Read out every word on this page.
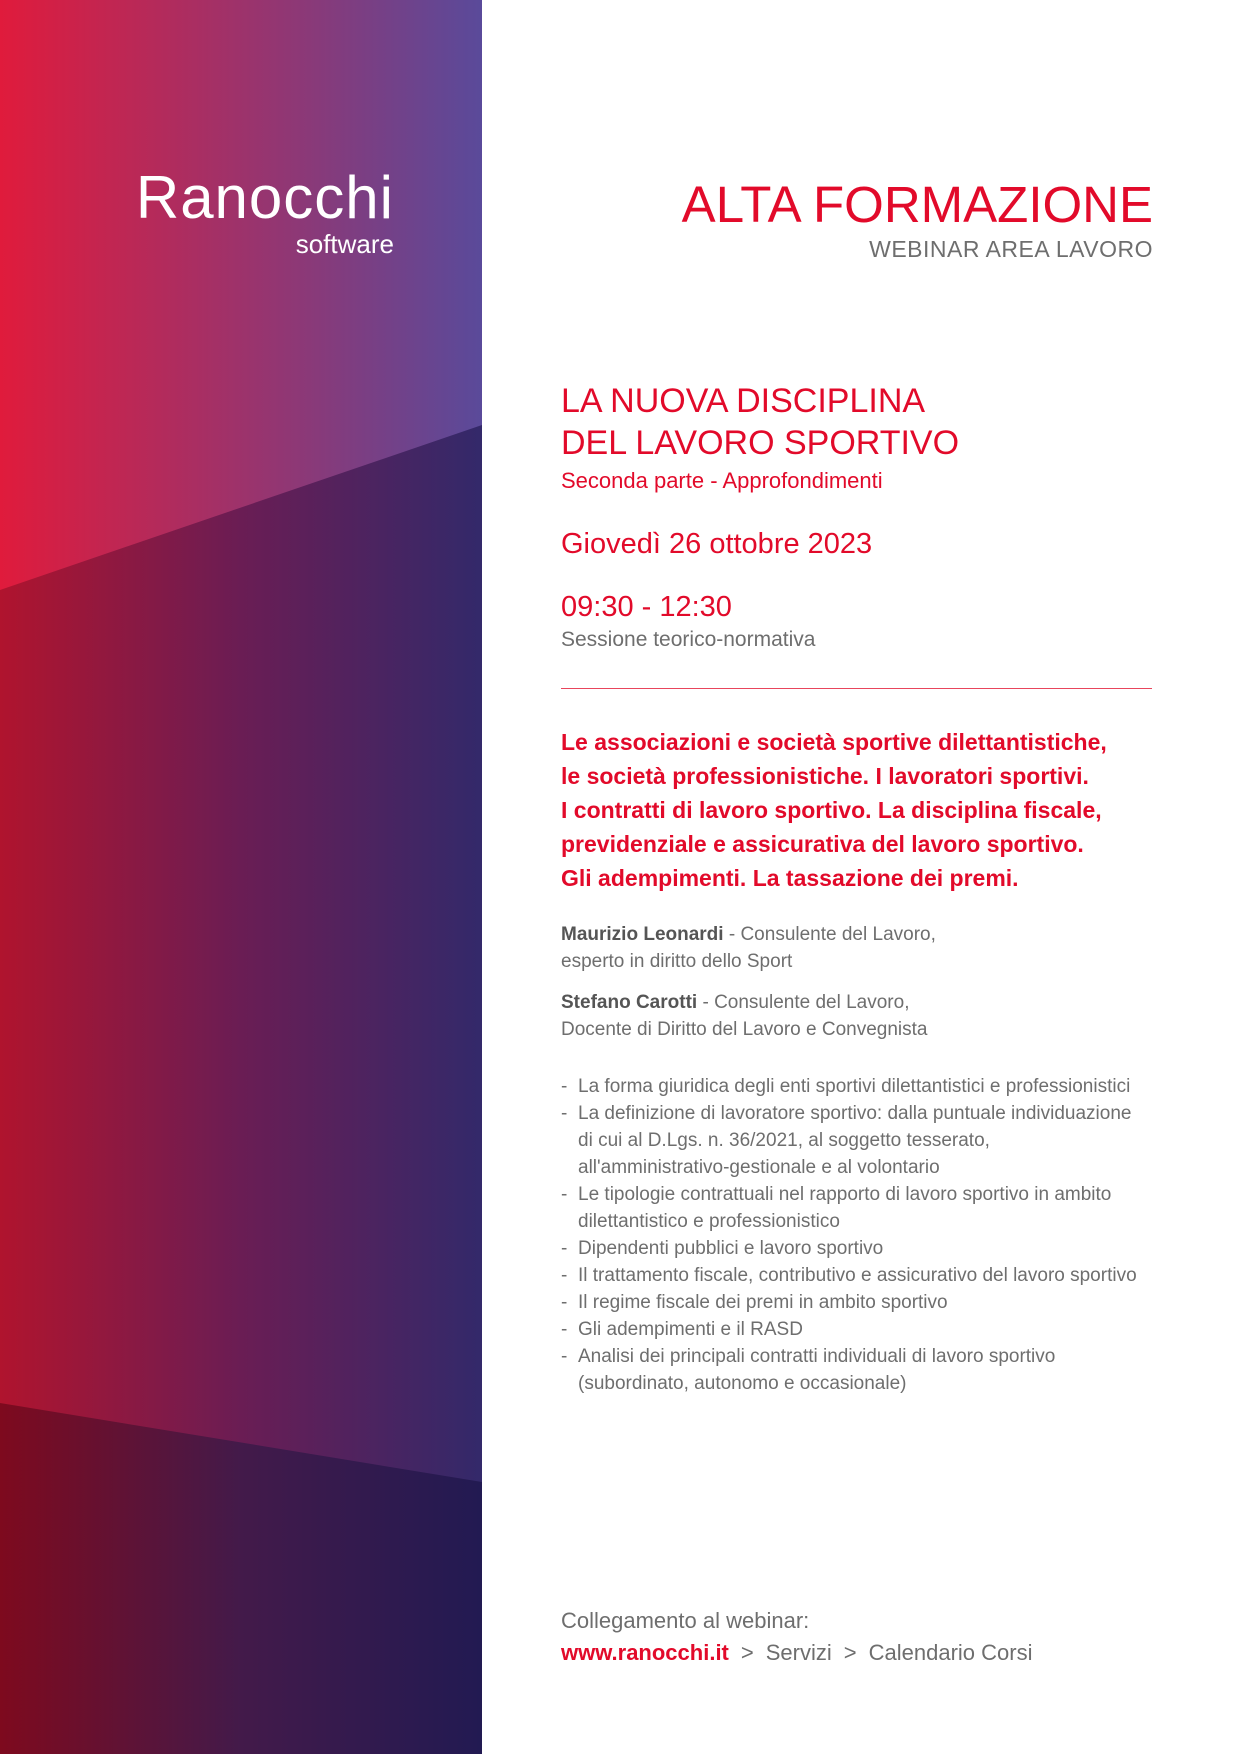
Ranocchi
software
ALTA FORMAZIONE
WEBINAR AREA LAVORO
LA NUOVA DISCIPLINA
DEL LAVORO SPORTIVO
Seconda parte - Approfondimenti
Giovedì 26 ottobre 2023
09:30 - 12:30
Sessione teorico-normativa
Le associazioni e società sportive dilettantistiche,
le società professionistiche. I lavoratori sportivi.
I contratti di lavoro sportivo. La disciplina fiscale,
previdenziale e assicurativa del lavoro sportivo.
Gli adempimenti. La tassazione dei premi.
Maurizio Leonardi - Consulente del Lavoro,
esperto in diritto dello Sport
Stefano Carotti - Consulente del Lavoro,
Docente di Diritto del Lavoro e Convegnista
- La forma giuridica degli enti sportivi dilettantistici e professionistici
- La definizione di lavoratore sportivo: dalla puntuale individuazione
di cui al D.Lgs. n. 36/2021, al soggetto tesserato,
all'amministrativo-gestionale e al volontario
- Le tipologie contrattuali nel rapporto di lavoro sportivo in ambito
dilettantistico e professionistico
- Dipendenti pubblici e lavoro sportivo
- Il trattamento fiscale, contributivo e assicurativo del lavoro sportivo
- Il regime fiscale dei premi in ambito sportivo
- Gli adempimenti e il RASD
- Analisi dei principali contratti individuali di lavoro sportivo
(subordinato, autonomo e occasionale)
Collegamento al webinar:
www.ranocchi.it > Servizi > Calendario Corsi
